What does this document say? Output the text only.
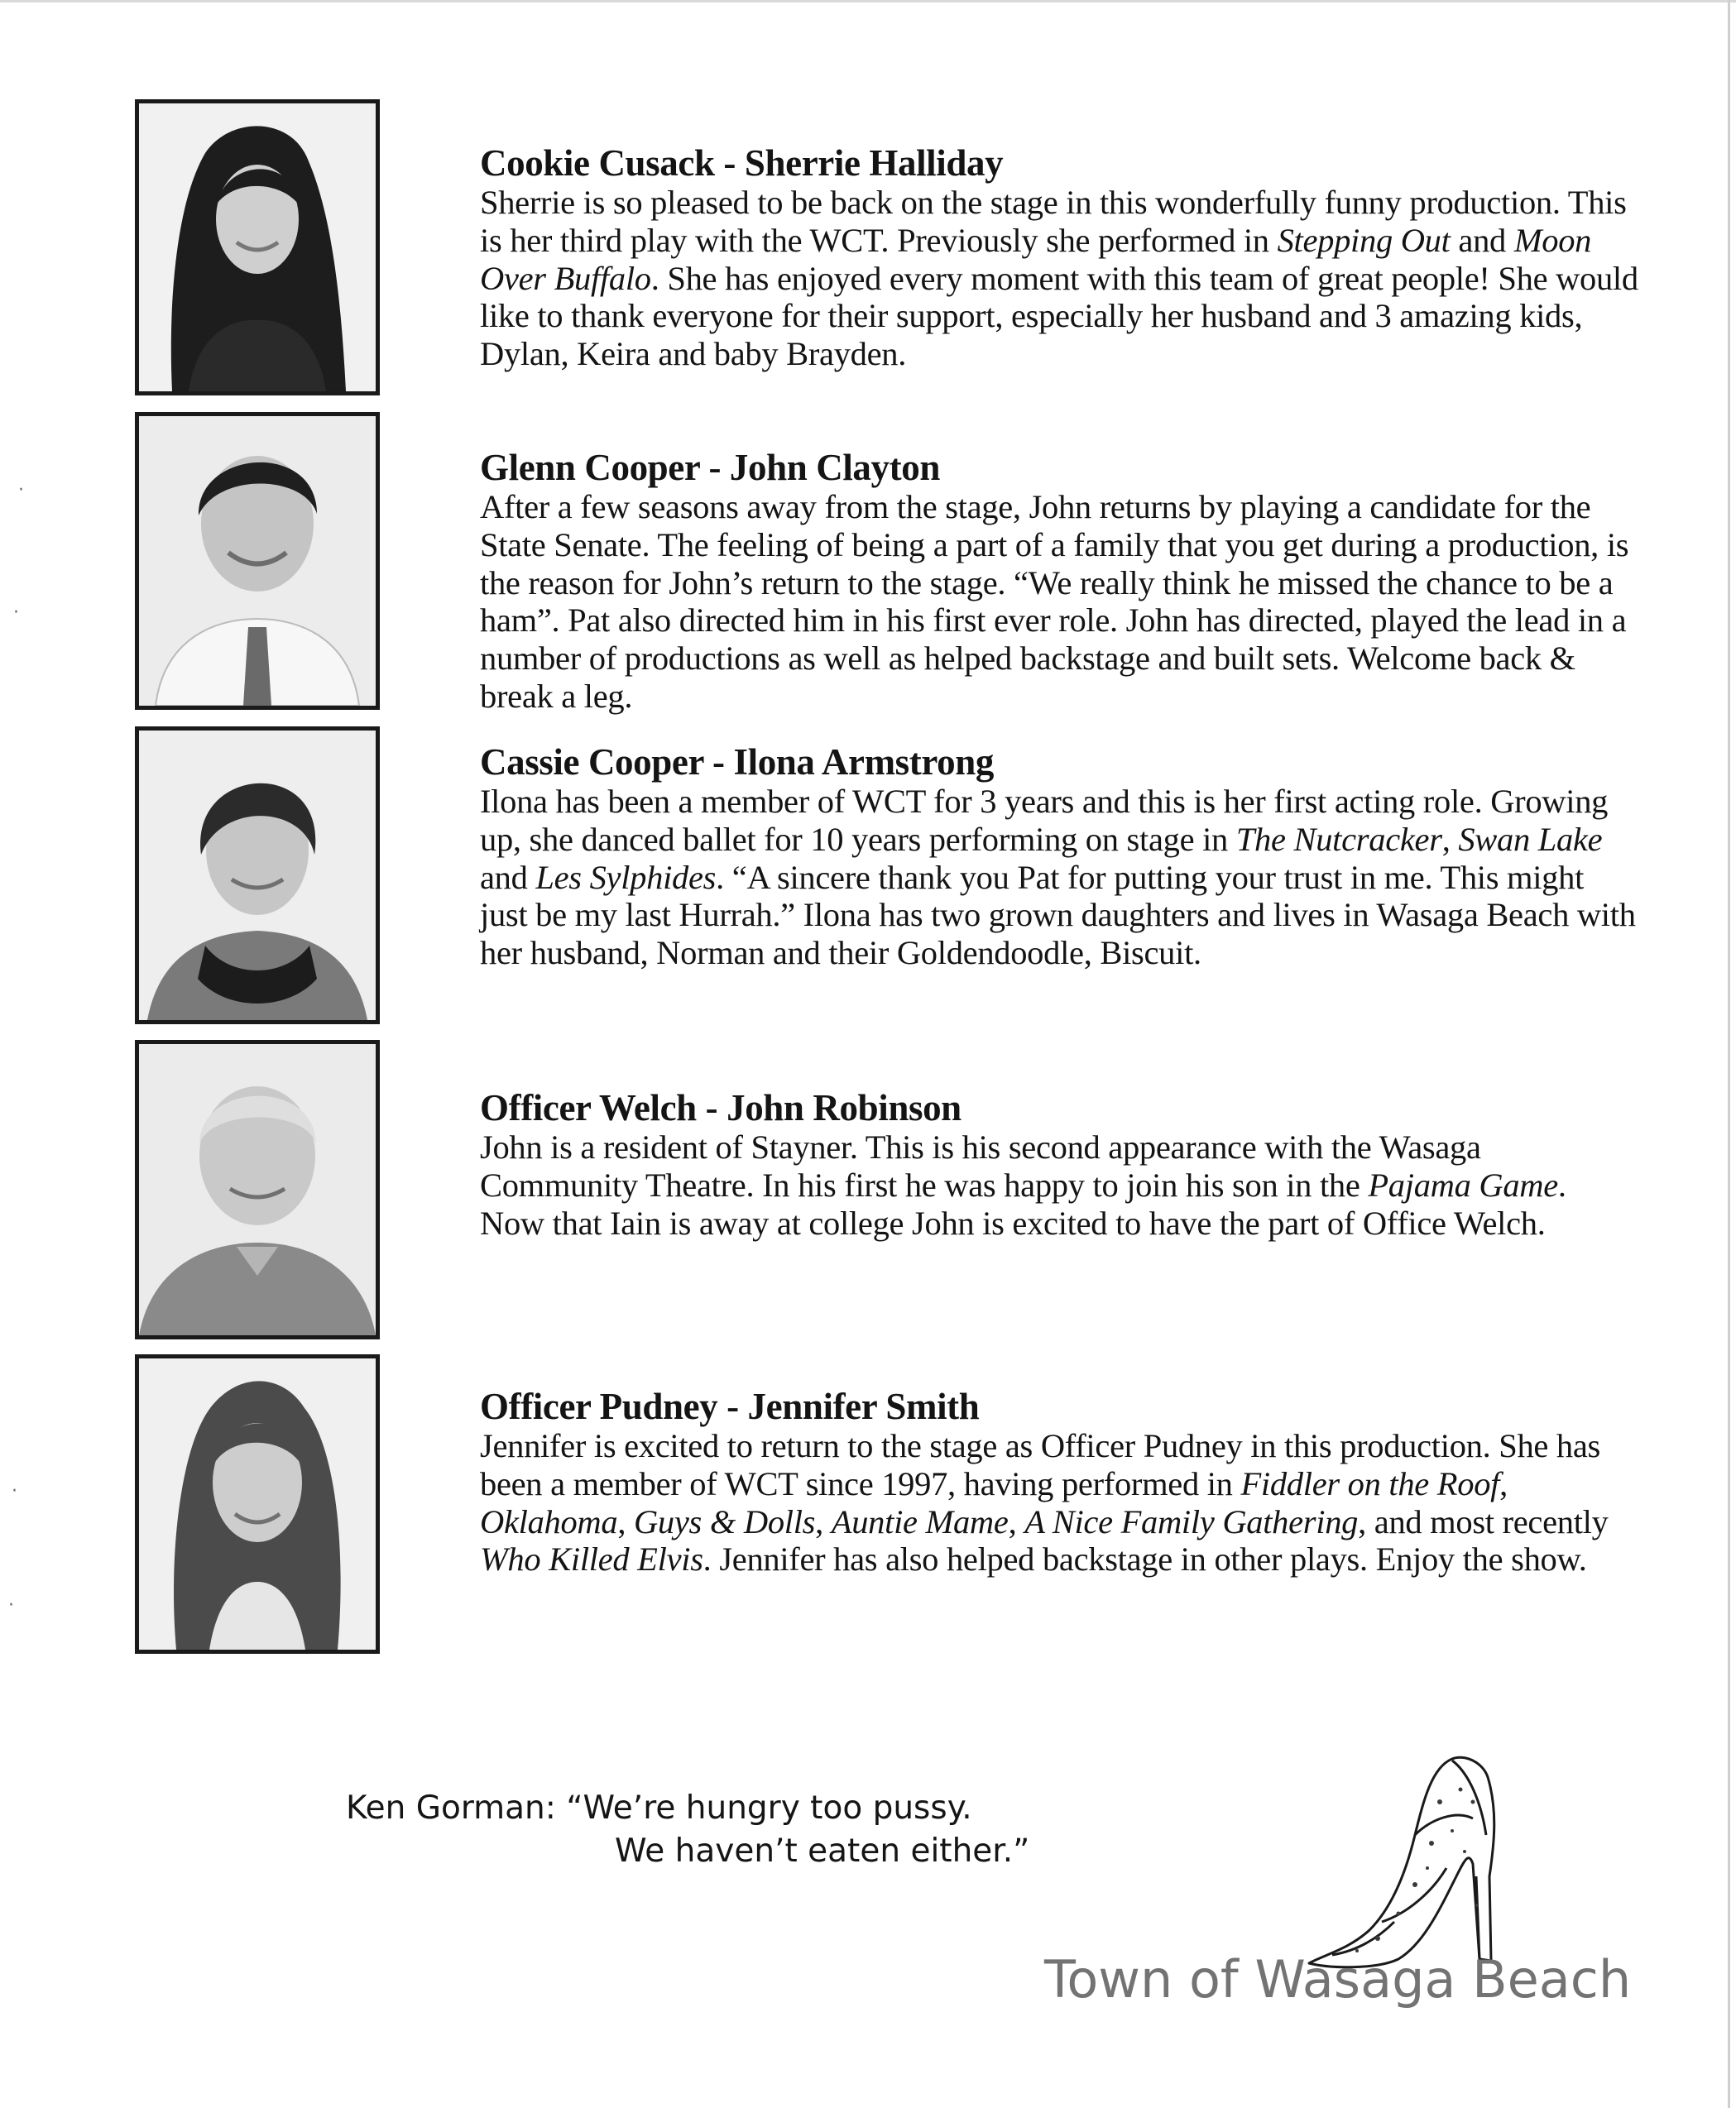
·
·
·
·
Cookie Cusack - Sherrie Halliday
Sherrie is so pleased to be back on the stage in this wonderfully funny production. This is her third play with the WCT. Previously she performed in Stepping Out and Moon Over Buffalo. She has enjoyed every moment with this team of great people! She would like to thank everyone for their support, especially her husband and 3 amazing kids, Dylan, Keira and baby Brayden.
Glenn Cooper - John Clayton
After a few seasons away from the stage, John returns by playing a candidate for the State Senate. The feeling of being a part of a family that you get during a production, is the reason for John’s return to the stage. “We really think he missed the chance to be a ham”. Pat also directed him in his first ever role. John has directed, played the lead in a number of productions as well as helped backstage and built sets. Welcome back & break a leg.
Cassie Cooper - Ilona Armstrong
Ilona has been a member of WCT for 3 years and this is her first acting role. Growing up, she danced ballet for 10 years performing on stage in The Nutcracker, Swan Lake and Les Sylphides. “A sincere thank you Pat for putting your trust in me. This might just be my last Hurrah.” Ilona has two grown daughters and lives in Wasaga Beach with her husband, Norman and their Goldendoodle, Biscuit.
Officer Welch - John Robinson
John is a resident of Stayner. This is his second appearance with the Wasaga Community Theatre. In his first he was happy to join his son in the Pajama Game. Now that Iain is away at college John is excited to have the part of Office Welch.
Officer Pudney - Jennifer Smith
Jennifer is excited to return to the stage as Officer Pudney in this production. She has been a member of WCT since 1997, having performed in Fiddler on the Roof, Oklahoma, Guys & Dolls, Auntie Mame, A Nice Family Gathering, and most recently Who Killed Elvis. Jennifer has also helped backstage in other plays. Enjoy the show.
Ken Gorman: “We’re hungry too pussy.
We haven’t eaten either.”
Town of Wasaga Beach
